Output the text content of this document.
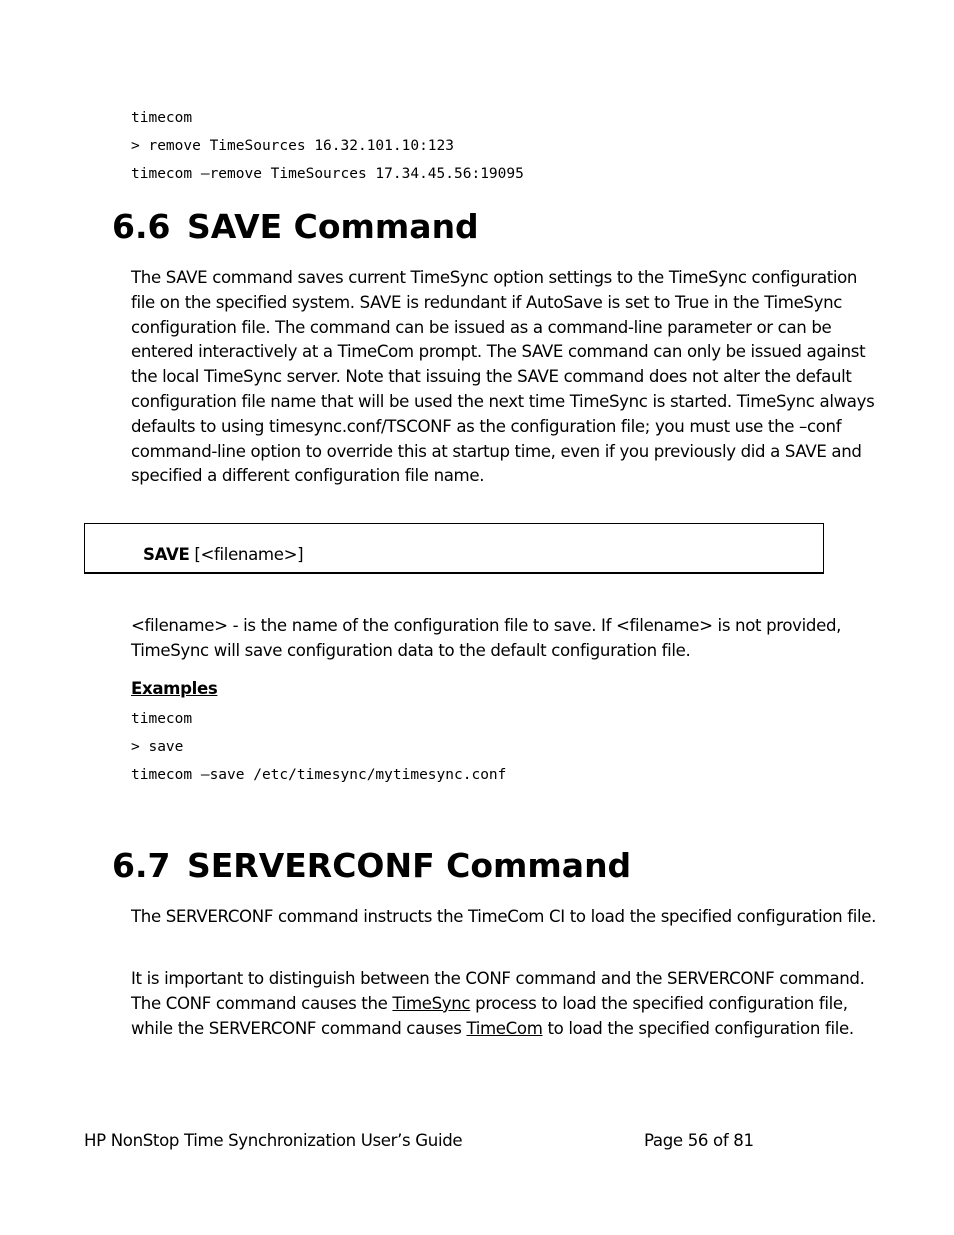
timecom
> remove TimeSources 16.32.101.10:123
timecom –remove TimeSources 17.34.45.56:19095
6.6 SAVE Command

The SAVE command saves current TimeSync option settings to the TimeSync configuration file on the specified system. SAVE is redundant if AutoSave is set to True in the TimeSync configuration file. The command can be issued as a command-line parameter or can be entered interactively at a TimeCom prompt. The SAVE command can only be issued against the local TimeSync server. Note that issuing the SAVE command does not alter the default configuration file name that will be used the next time TimeSync is started. TimeSync always defaults to using timesync.conf/TSCONF as the configuration file; you must use the –conf command-line option to override this at startup time, even if you previously did a SAVE and specified a different configuration file name.

SAVE [<filename>]

<filename> - is the name of the configuration file to save. If <filename> is not provided, TimeSync will save configuration data to the default configuration file.

Examples
timecom
> save
timecom –save /etc/timesync/mytimesync.conf
6.7 SERVERCONF Command

The SERVERCONF command instructs the TimeCom CI to load the specified configuration file.

It is important to distinguish between the CONF command and the SERVERCONF command. The CONF command causes the TimeSync process to load the specified configuration file, while the SERVERCONF command causes TimeCom to load the specified configuration file.

HP NonStop Time Synchronization User’s Guide	Page 56 of 81
